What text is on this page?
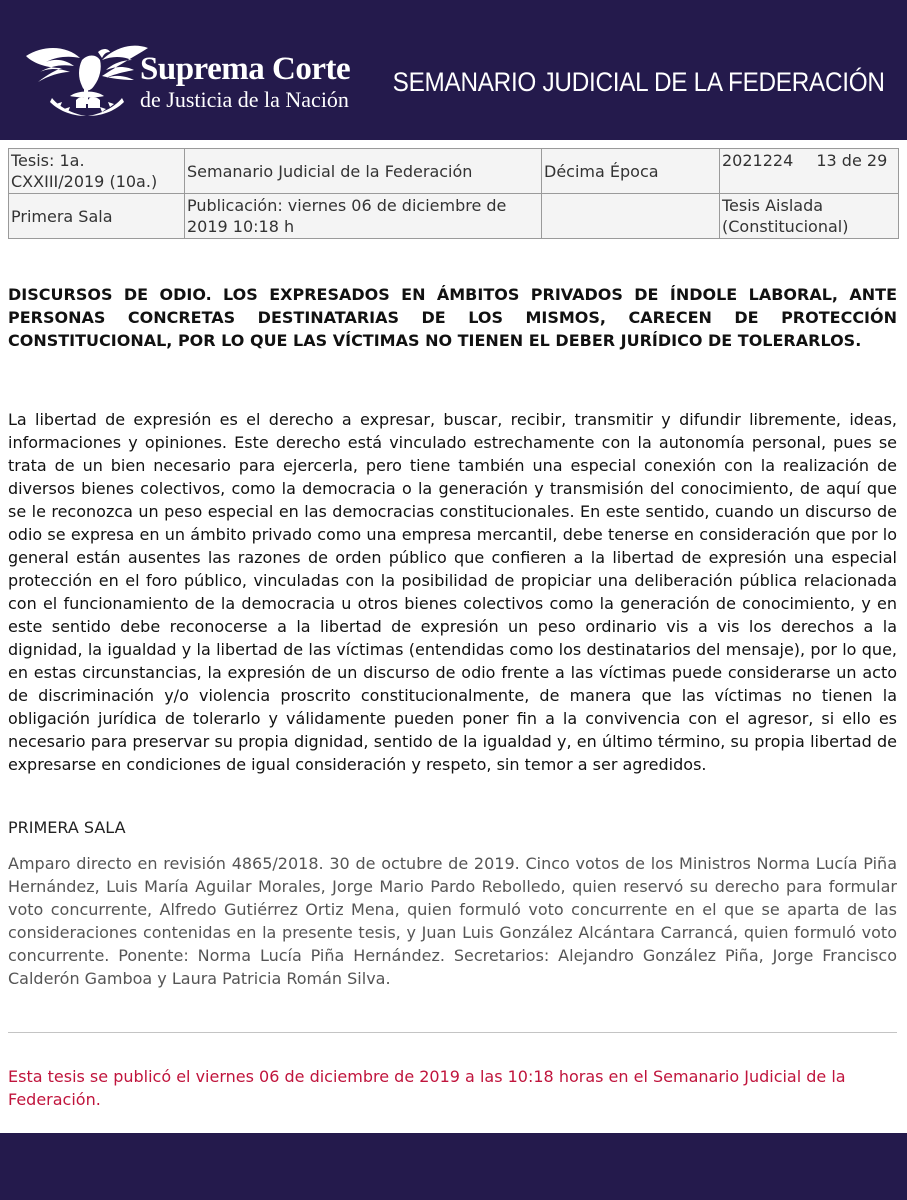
Suprema Corte
de Justicia de la Nación
SEMANARIO JUDICIAL DE LA FEDERACIÓN
Tesis: 1a. CXXIII/2019 (10a.)	Semanario Judicial de la Federación	Décima Época	2021224 13 de 29
Primera Sala	Publicación: viernes 06 de diciembre de 2019 10:18 h		Tesis Aislada (Constitucional)
DISCURSOS DE ODIO. LOS EXPRESADOS EN ÁMBITOS PRIVADOS DE ÍNDOLE LABORAL, ANTE PERSONAS CONCRETAS DESTINATARIAS DE LOS MISMOS, CARECEN DE PROTECCIÓN CONSTITUCIONAL, POR LO QUE LAS VÍCTIMAS NO TIENEN EL DEBER JURÍDICO DE TOLERARLOS.
La libertad de expresión es el derecho a expresar, buscar, recibir, transmitir y difundir libremente, ideas, informaciones y opiniones. Este derecho está vinculado estrechamente con la autonomía personal, pues se trata de un bien necesario para ejercerla, pero tiene también una especial conexión con la realización de diversos bienes colectivos, como la democracia o la generación y transmisión del conocimiento, de aquí que se le reconozca un peso especial en las democracias constitucionales. En este sentido, cuando un discurso de odio se expresa en un ámbito privado como una empresa mercantil, debe tenerse en consideración que por lo general están ausentes las razones de orden público que confieren a la libertad de expresión una especial protección en el foro público, vinculadas con la posibilidad de propiciar una deliberación pública relacionada con el funcionamiento de la democracia u otros bienes colectivos como la generación de conocimiento, y en este sentido debe reconocerse a la libertad de expresión un peso ordinario vis a vis los derechos a la dignidad, la igualdad y la libertad de las víctimas (entendidas como los destinatarios del mensaje), por lo que, en estas circunstancias, la expresión de un discurso de odio frente a las víctimas puede considerarse un acto de discriminación y/o violencia proscrito constitucionalmente, de manera que las víctimas no tienen la obligación jurídica de tolerarlo y válidamente pueden poner fin a la convivencia con el agresor, si ello es necesario para preservar su propia dignidad, sentido de la igualdad y, en último término, su propia libertad de expresarse en condiciones de igual consideración y respeto, sin temor a ser agredidos.
PRIMERA SALA
Amparo directo en revisión 4865/2018. 30 de octubre de 2019. Cinco votos de los Ministros Norma Lucía Piña Hernández, Luis María Aguilar Morales, Jorge Mario Pardo Rebolledo, quien reservó su derecho para formular voto concurrente, Alfredo Gutiérrez Ortiz Mena, quien formuló voto concurrente en el que se aparta de las consideraciones contenidas en la presente tesis, y Juan Luis González Alcántara Carrancá, quien formuló voto concurrente. Ponente: Norma Lucía Piña Hernández. Secretarios: Alejandro González Piña, Jorge Francisco Calderón Gamboa y Laura Patricia Román Silva.
Esta tesis se publicó el viernes 06 de diciembre de 2019 a las 10:18 horas en el Semanario Judicial de la Federación.
